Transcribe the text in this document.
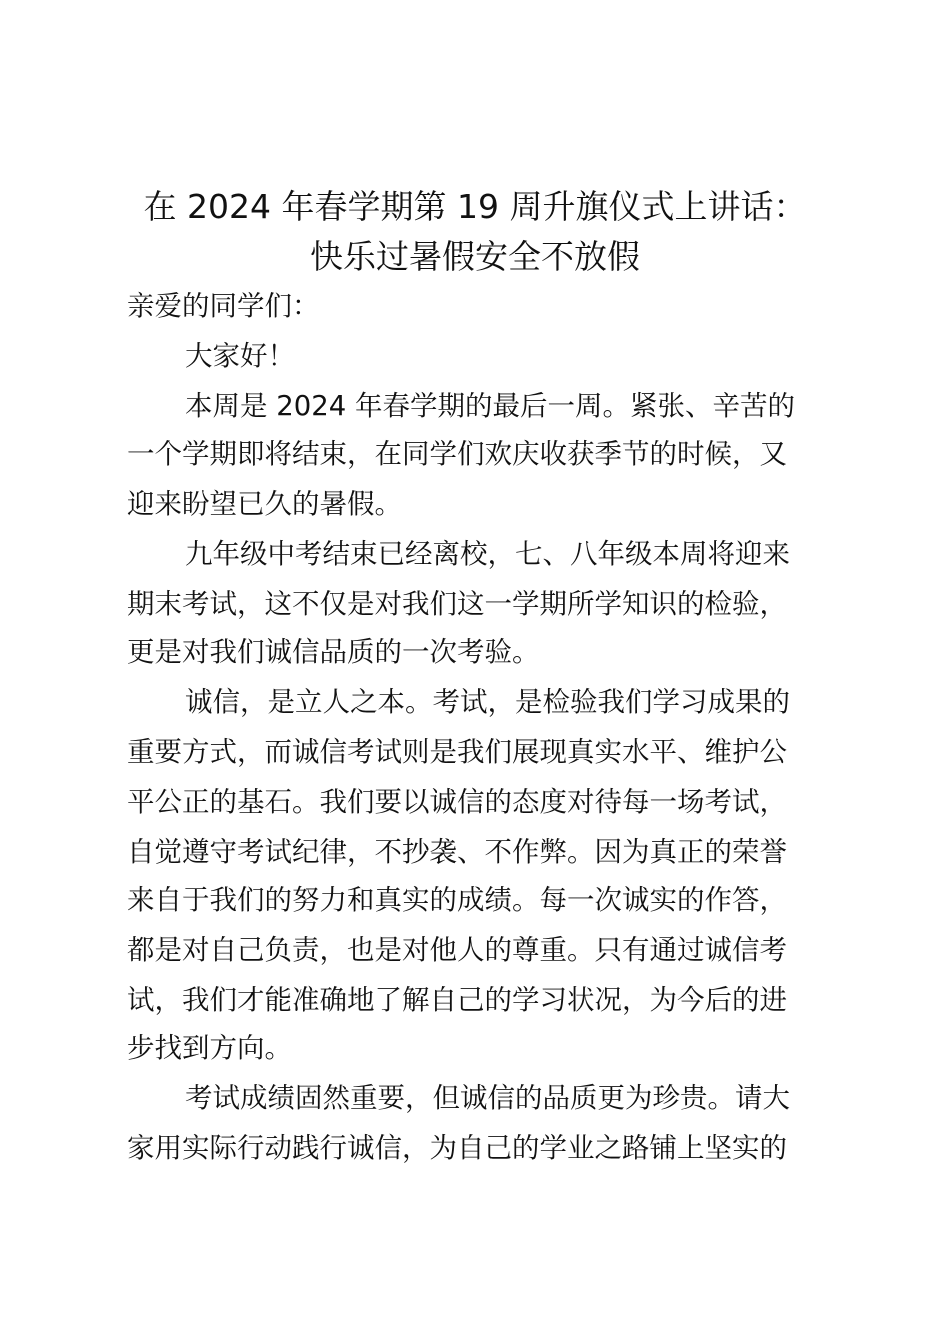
在 2024 年春学期第 19 周升旗仪式上讲话：
快乐过暑假安全不放假
亲爱的同学们：
大家好！
本周是 2024 年春学期的最后一周。紧张、辛苦的
一个学期即将结束，在同学们欢庆收获季节的时候，又
迎来盼望已久的暑假。
九年级中考结束已经离校，七、八年级本周将迎来
期末考试，这不仅是对我们这一学期所学知识的检验，
更是对我们诚信品质的一次考验。
诚信，是立人之本。考试，是检验我们学习成果的
重要方式，而诚信考试则是我们展现真实水平、维护公
平公正的基石。我们要以诚信的态度对待每一场考试，
自觉遵守考试纪律，不抄袭、不作弊。因为真正的荣誉
来自于我们的努力和真实的成绩。每一次诚实的作答，
都是对自己负责，也是对他人的尊重。只有通过诚信考
试，我们才能准确地了解自己的学习状况，为今后的进
步找到方向。
考试成绩固然重要，但诚信的品质更为珍贵。请大
家用实际行动践行诚信，为自己的学业之路铺上坚实的
